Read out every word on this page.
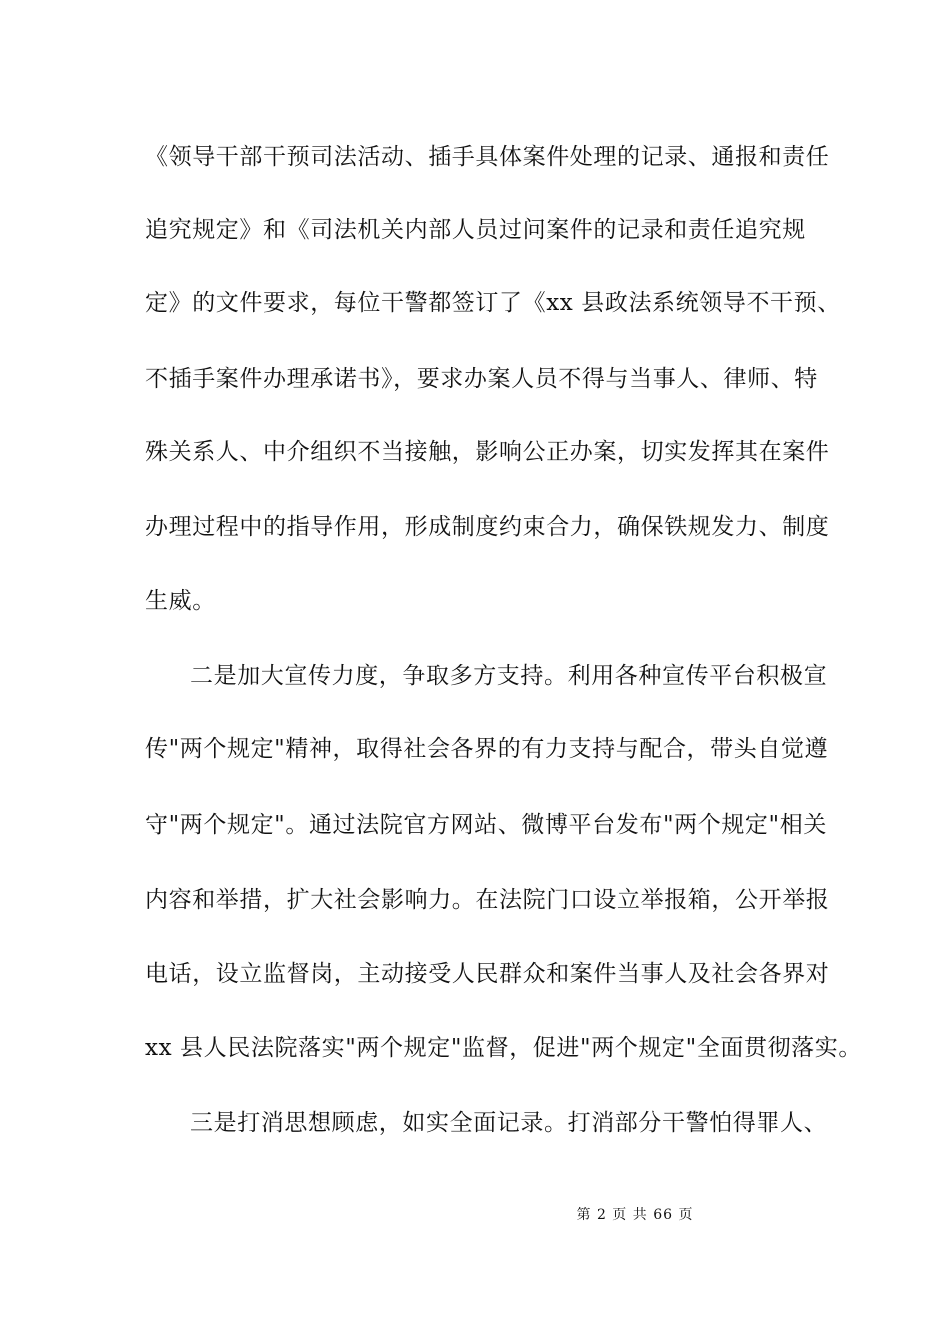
《领导干部干预司法活动、插手具体案件处理的记录、通报和责任
追究规定》和《司法机关内部人员过问案件的记录和责任追究规
定》的文件要求，每位干警都签订了《xx 县政法系统领导不干预、
不插手案件办理承诺书》，要求办案人员不得与当事人、律师、特
殊关系人、中介组织不当接触，影响公正办案，切实发挥其在案件
办理过程中的指导作用，形成制度约束合力，确保铁规发力、制度
生威。
二是加大宣传力度，争取多方支持。利用各种宣传平台积极宣
传"两个规定"精神，取得社会各界的有力支持与配合，带头自觉遵
守"两个规定"。通过法院官方网站、微博平台发布"两个规定"相关
内容和举措，扩大社会影响力。在法院门口设立举报箱，公开举报
电话，设立监督岗，主动接受人民群众和案件当事人及社会各界对
xx 县人民法院落实"两个规定"监督，促进"两个规定"全面贯彻落实。
三是打消思想顾虑，如实全面记录。打消部分干警怕得罪人、
第 2 页 共 66 页
